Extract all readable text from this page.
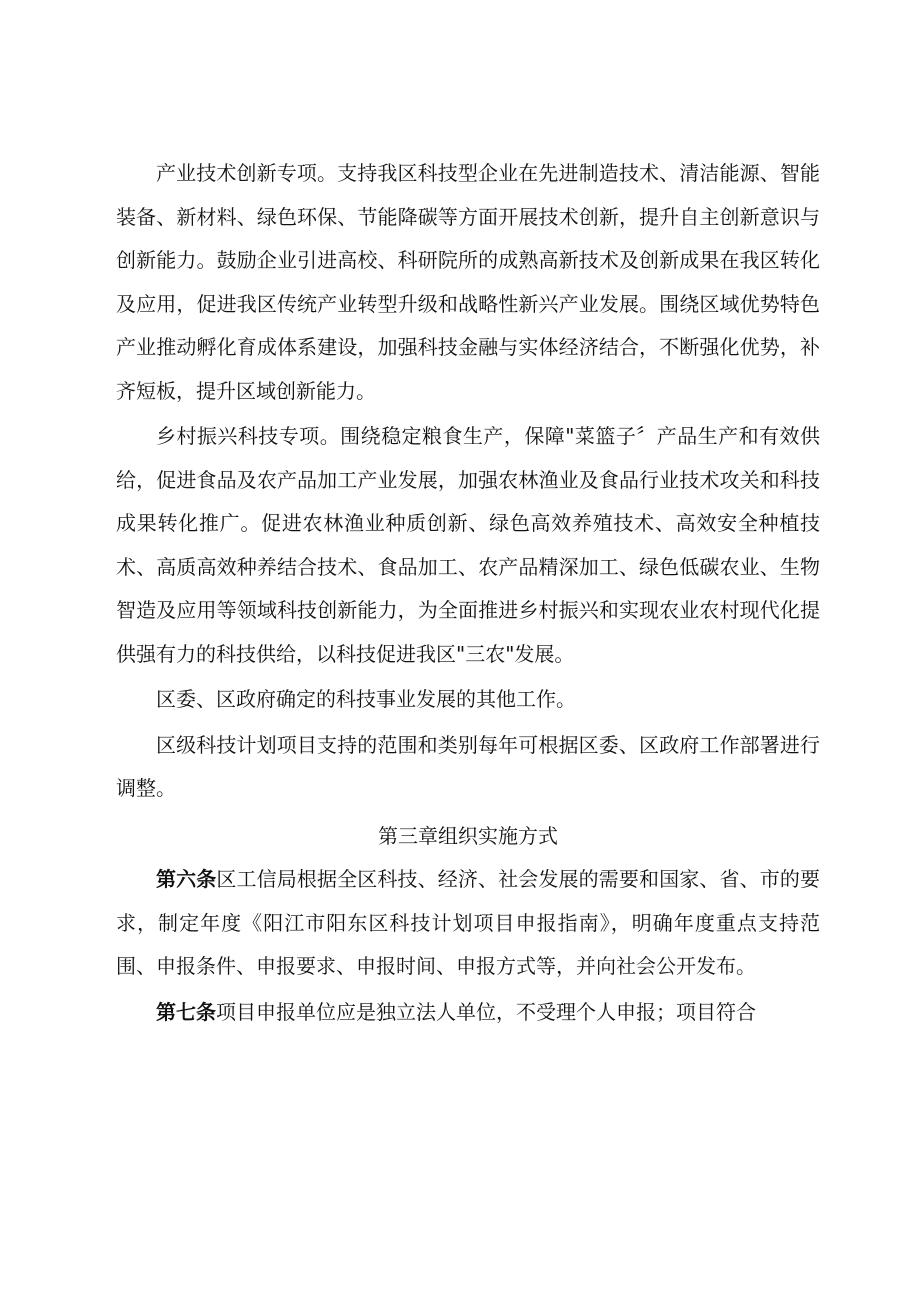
产业技术创新专项。支持我区科技型企业在先进制造技术、清洁能源、智能装备、新材料、绿色环保、节能降碳等方面开展技术创新，提升自主创新意识与创新能力。鼓励企业引进高校、科研院所的成熟高新技术及创新成果在我区转化及应用，促进我区传统产业转型升级和战略性新兴产业发展。围绕区域优势特色产业推动孵化育成体系建设，加强科技金融与实体经济结合，不断强化优势，补齐短板，提升区域创新能力。

乡村振兴科技专项。围绕稳定粮食生产，保障"菜篮子〞产品生产和有效供给，促进食品及农产品加工产业发展，加强农林渔业及食品行业技术攻关和科技成果转化推广。促进农林渔业种质创新、绿色高效养殖技术、高效安全种植技术、高质高效种养结合技术、食品加工、农产品精深加工、绿色低碳农业、生物智造及应用等领域科技创新能力，为全面推进乡村振兴和实现农业农村现代化提供强有力的科技供给，以科技促进我区"三农"发展。

区委、区政府确定的科技事业发展的其他工作。

区级科技计划项目支持的范围和类别每年可根据区委、区政府工作部署进行调整。

第三章组织实施方式

第六条区工信局根据全区科技、经济、社会发展的需要和国家、省、市的要求，制定年度《阳江市阳东区科技计划项目申报指南》，明确年度重点支持范围、申报条件、申报要求、申报时间、申报方式等，并向社会公开发布。

第七条项目申报单位应是独立法人单位，不受理个人申报；项目符合
